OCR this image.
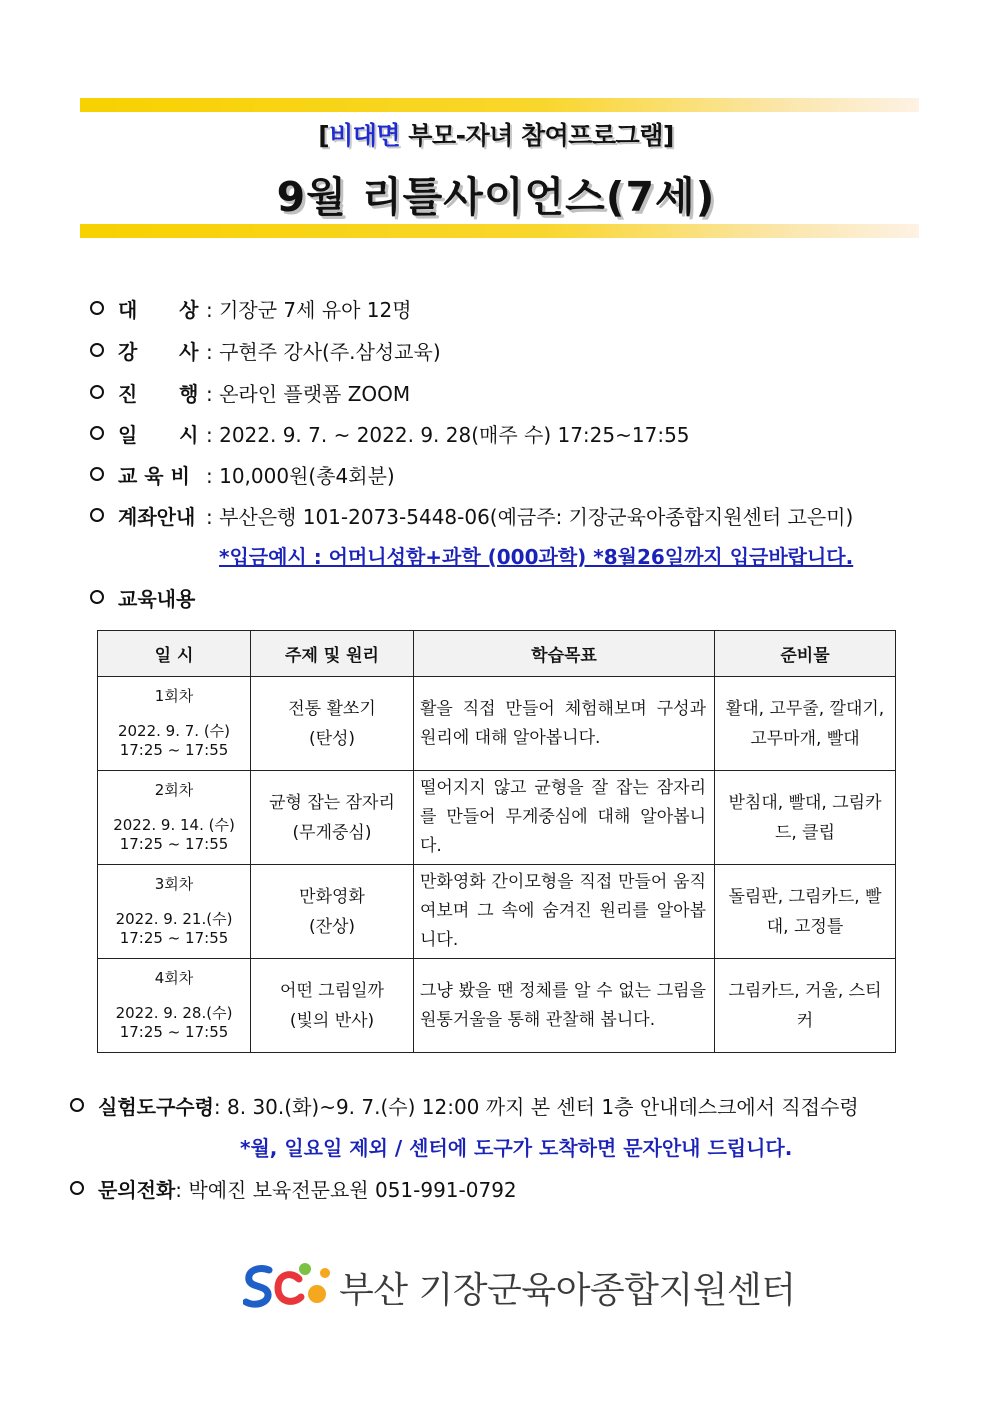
[비대면 부모-자녀 참여프로그램]
9월 리틀사이언스(7세)
대      상 : 기장군 7세 유아 12명
강      사 : 구현주 강사(주.삼성교육)
진      행 : 온라인 플랫폼 ZOOM
일      시 : 2022. 9. 7. ~ 2022. 9. 28(매주 수) 17:25~17:55
교 육 비 : 10,000원(총4회분)
계좌안내 : 부산은행 101-2073-5448-06(예금주: 기장군육아종합지원센터 고은미)
*입금예시 : 어머니성함+과학 (000과학) *8월26일까지 입금바랍니다.
교육내용
일 시	주제 및 원리	학습목표	준비물

1회차
2022. 9. 7. (수)
17:25 ~ 17:55	전통 활쏘기
(탄성)	활을 직접 만들어 체험해보며 구성과 원리에 대해 알아봅니다.	활대, 고무줄, 깔대기, 고무마개, 빨대

2회차
2022. 9. 14. (수)
17:25 ~ 17:55	균형 잡는 잠자리
(무게중심)	떨어지지 않고 균형을 잘 잡는 잠자리를 만들어 무게중심에 대해 알아봅니다.	받침대, 빨대, 그림카드, 클립

3회차
2022. 9. 21.(수)
17:25 ~ 17:55	만화영화
(잔상)	만화영화 간이모형을 직접 만들어 움직여보며 그 속에 숨겨진 원리를 알아봅니다.	돌림판, 그림카드, 빨대, 고정틀

4회차
2022. 9. 28.(수)
17:25 ~ 17:55	어떤 그림일까
(빛의 반사)	그냥 봤을 땐 정체를 알 수 없는 그림을 원통거울을 통해 관찰해 봅니다.	그림카드, 거울, 스티커
실험도구수령: 8. 30.(화)~9. 7.(수) 12:00 까지 본 센터 1층 안내데스크에서 직접수령
*월, 일요일 제외 / 센터에 도구가 도착하면 문자안내 드립니다.
문의전화: 박예진 보육전문요원 051-991-0792
부산 기장군육아종합지원센터
